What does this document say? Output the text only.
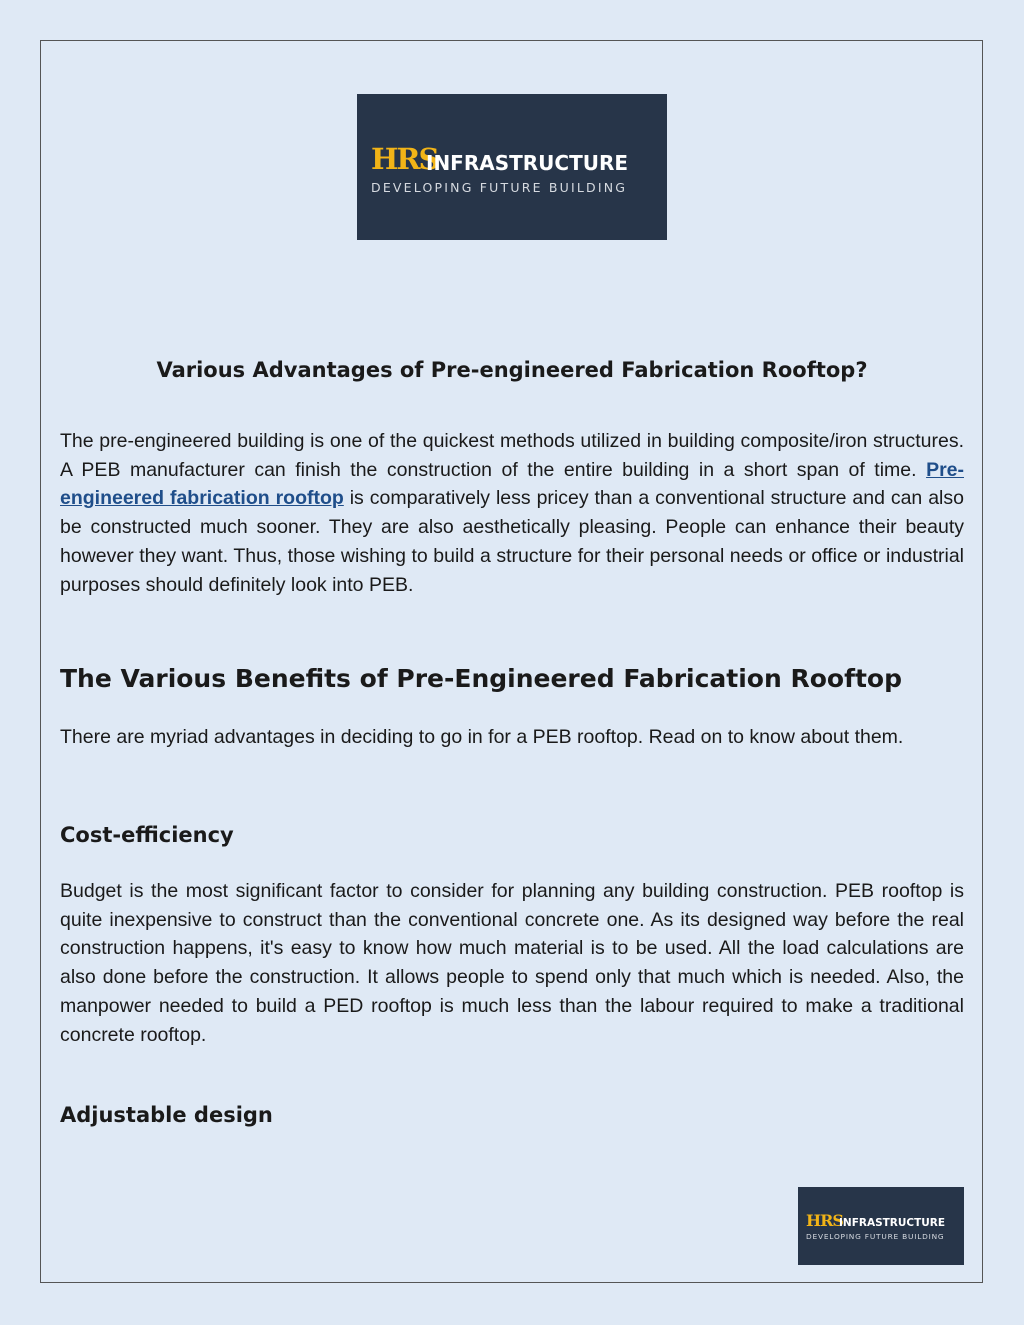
HRS
INFRASTRUCTURE
DEVELOPING FUTURE BUILDING
Various Advantages of Pre-engineered Fabrication Rooftop?

The pre-engineered building is one of the quickest methods utilized in building composite/iron structures. A PEB manufacturer can finish the construction of the entire building in a short span of time. Pre-engineered fabrication rooftop is comparatively less pricey than a conventional structure and can also be constructed much sooner. They are also aesthetically pleasing. People can enhance their beauty however they want. Thus, those wishing to build a structure for their personal needs or office or industrial purposes should definitely look into PEB.

The Various Benefits of Pre-Engineered Fabrication Rooftop

There are myriad advantages in deciding to go in for a PEB rooftop. Read on to know about them.

Cost-efficiency

Budget is the most significant factor to consider for planning any building construction. PEB rooftop is quite inexpensive to construct than the conventional concrete one. As its designed way before the real construction happens, it's easy to know how much material is to be used. All the load calculations are also done before the construction. It allows people to spend only that much which is needed. Also, the manpower needed to build a PED rooftop is much less than the labour required to make a traditional concrete rooftop.

Adjustable design
HRS
INFRASTRUCTURE
DEVELOPING FUTURE BUILDING
